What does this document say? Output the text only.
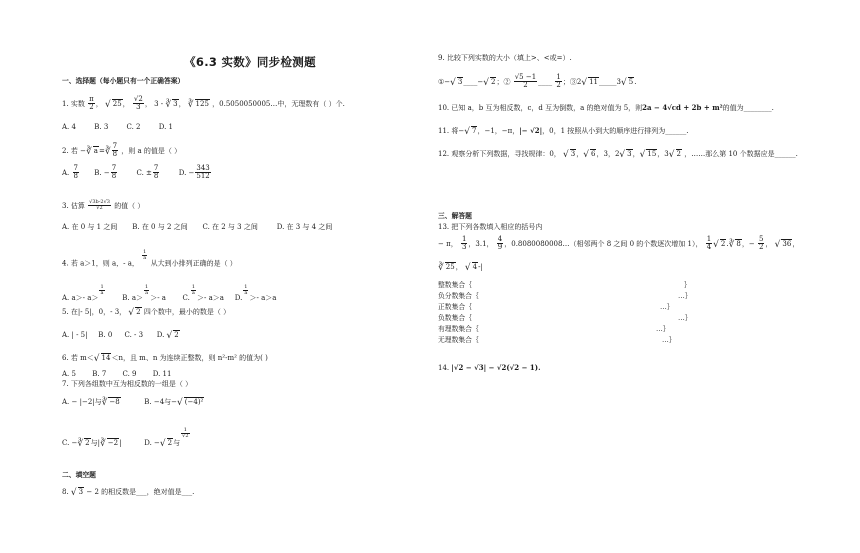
《6.3 实数》同步检测题
一、选择题（每小题只有一个正确答案）
1. 实数 $\frac{\pi}{2}$ ， √ 25， $\frac{√2}{3}$ ， 3 - ∛ 3， ∛ 125 ，0.5050050005…中，无理数有（ ）个.
A. 4	B. 3	C. 2	D. 1
2. 若 −∛ a=∛ $\frac{7}{8}$ ，则 a 的值是（ ）
A. $\frac{7}{8} B$. − $\frac{7}{8}$	C. ± $\frac{7}{8}$	D. − $\frac{343}{512}$
3. 估算 $\frac{√3b-2√3}{√2}$ 的值（ ）
A. 在 0 与 1 之间 B. 在 0 与 2 之间 C. 在 2 与 3 之间	D. 在 3 与 4 之间
4. 若 a＞1，则 a，- a，
$\frac{1}{a}$
从大到小排列正确的是（ ）
A. a＞- a＞
$\frac{1}{a}$
B. a＞
$\frac{1}{a}$
＞- a C.
$\frac{1}{a}$
＞- a＞a D.
$\frac{1}{a}$
＞- a＞a
5. 在|- 5|，0，- 3， √ 2 四个数中，最小的数是（ ）
A. | - 5| B. 0 C. - 3 D. √ 2
6. 若 m＜√ 14＜n，且 m、n 为连续正整数，则 n²-m² 的值为( )
A. 5 B. 7 C. 9 D. 11
7. 下列各组数中互为相反数的一组是（ ）
A. − |−2|与∛ −8	B. −4与−√ (−4)²
C. −∛ 2与|∛ −2|	D. −√ 2与
$\frac{1}{√2}$
二、填空题
8. √ 3 − 2 的相反数是___，绝对值是___.
9. 比较下列实数的大小（填上>、<或=）.
①−√ 3____−√ 2；② $\frac{√5 -1}{2}$ ____ $\frac{1}{2}$ ；③2√ 11_____3√ 5.
10. 已知 a，b 互为相反数，c，d 互为倒数，a 的绝对值为 5，则2a − 4√cd + 2b + m²的值为________.
11. 将−√ 7，−1，−π，|− √2|，0，1 按照从小到大的顺序进行排列为______.
12. 观察分析下列数据，寻找规律：0， √ 3，√ 6，3，2√ 3，√ 15，3√ 2 ，……那么第 10 个数据应是______.
三、解答题
13. 把下列各数填入相应的括号内
− π， $\frac{1}{3}$ ，3.1， $\frac{4}{9}$ ，0.8080080008…（相邻两个 8 之间 0 的个数逐次增加 1）， $\frac{1}{4}$ √ 2.∛ 8，− $\frac{5}{2}$ ， √ 36，
∛ 25， √ 4-|
整数集合｛	｝
负分数集合｛	…｝
正数集合｛	…｝
负数集合｛	…｝
有理数集合｛	…｝
无理数集合｛	…｝
14. |√2 − √3| − √2(√2 − 1).
